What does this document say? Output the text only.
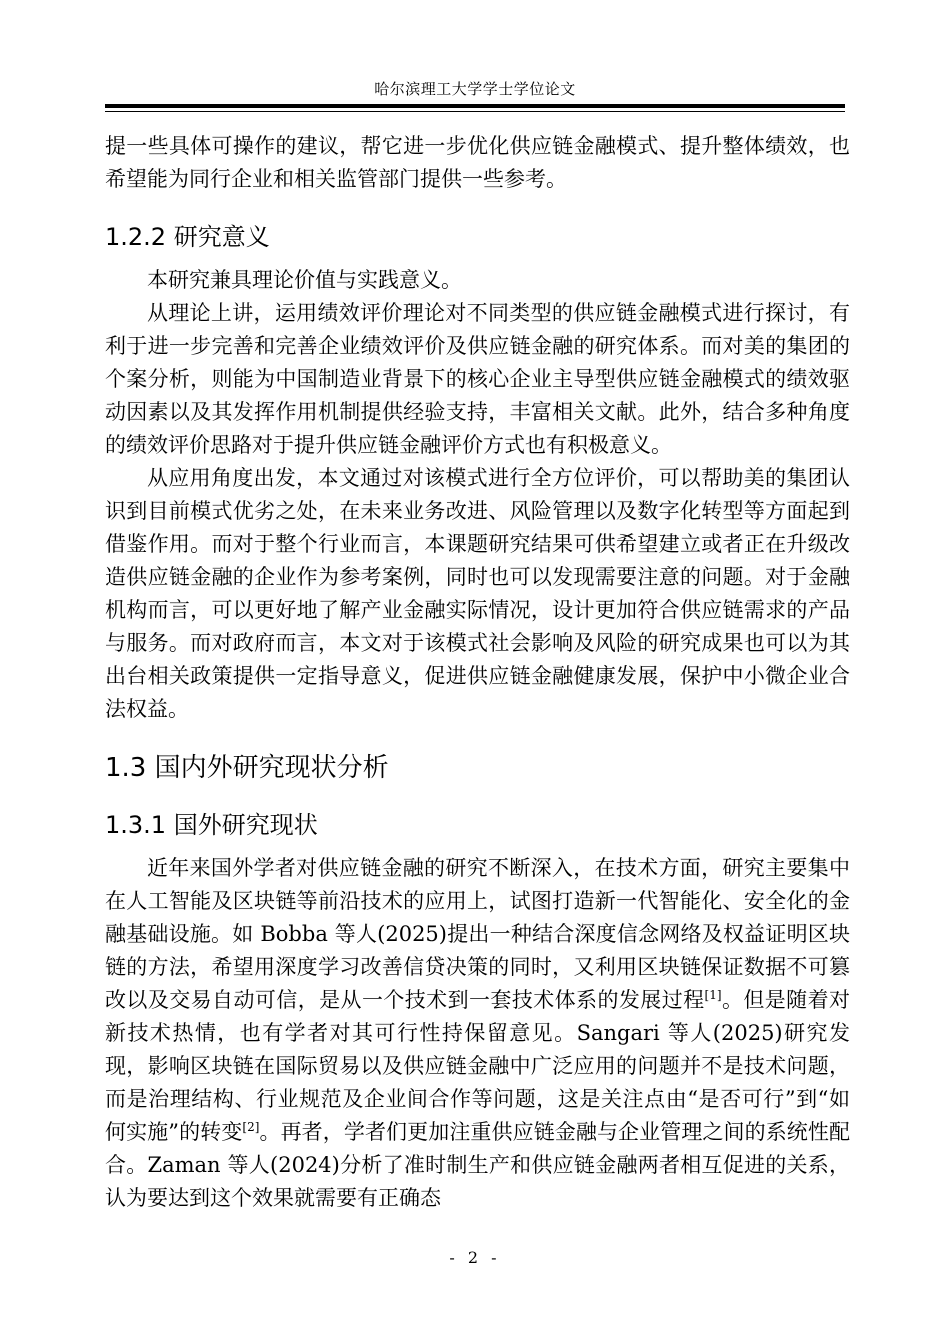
哈尔滨理工大学学士学位论文

提一些具体可操作的建议，帮它进一步优化供应链金融模式、提升整体绩效，也希望能为同行企业和相关监管部门提供一些参考。

1.2.2 研究意义

本研究兼具理论价值与实践意义。

从理论上讲，运用绩效评价理论对不同类型的供应链金融模式进行探讨，有利于进一步完善和完善企业绩效评价及供应链金融的研究体系。而对美的集团的个案分析，则能为中国制造业背景下的核心企业主导型供应链金融模式的绩效驱动因素以及其发挥作用机制提供经验支持，丰富相关文献。此外，结合多种角度的绩效评价思路对于提升供应链金融评价方式也有积极意义。

从应用角度出发，本文通过对该模式进行全方位评价，可以帮助美的集团认识到目前模式优劣之处，在未来业务改进、风险管理以及数字化转型等方面起到借鉴作用。而对于整个行业而言，本课题研究结果可供希望建立或者正在升级改造供应链金融的企业作为参考案例，同时也可以发现需要注意的问题。对于金融机构而言，可以更好地了解产业金融实际情况，设计更加符合供应链需求的产品与服务。而对政府而言，本文对于该模式社会影响及风险的研究成果也可以为其出台相关政策提供一定指导意义，促进供应链金融健康发展，保护中小微企业合法权益。

1.3 国内外研究现状分析
1.3.1 国外研究现状

近年来国外学者对供应链金融的研究不断深入，在技术方面，研究主要集中在人工智能及区块链等前沿技术的应用上，试图打造新一代智能化、安全化的金融基础设施。如 Bobba 等人(2025)提出一种结合深度信念网络及权益证明区块链的方法，希望用深度学习改善信贷决策的同时，又利用区块链保证数据不可篡改以及交易自动可信，是从一个技术到一套技术体系的发展过程[1]。但是随着对新技术热情，也有学者对其可行性持保留意见。Sangari 等人(2025)研究发现，影响区块链在国际贸易以及供应链金融中广泛应用的问题并不是技术问题，而是治理结构、行业规范及企业间合作等问题，这是关注点由“是否可行”到“如何实施”的转变[2]。再者，学者们更加注重供应链金融与企业管理之间的系统性配合。Zaman 等人(2024)分析了准时制生产和供应链金融两者相互促进的关系，认为要达到这个效果就需要有正确态

- 2 -
